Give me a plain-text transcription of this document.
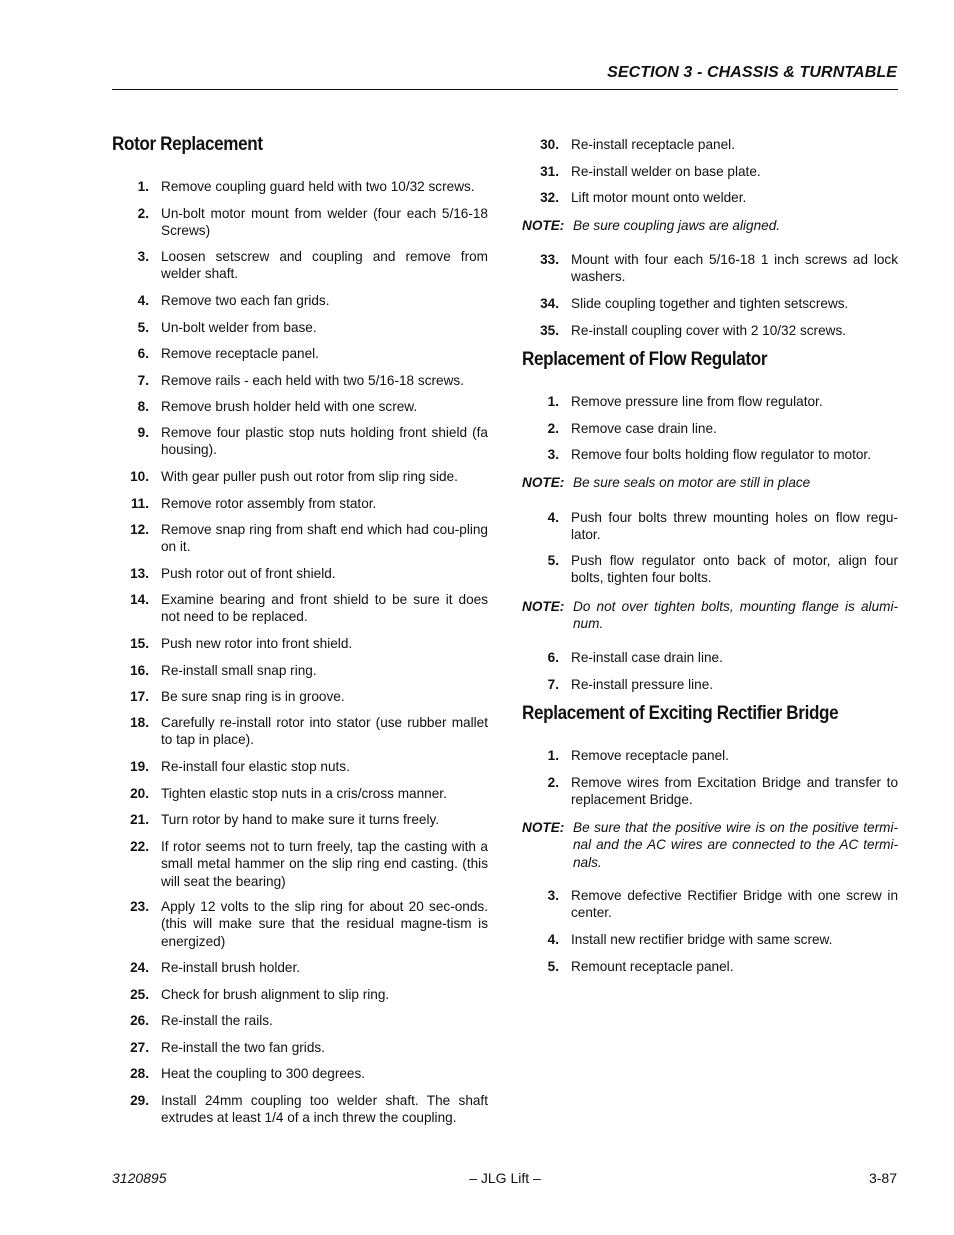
SECTION 3 - CHASSIS & TURNTABLE
Rotor Replacement
1. Remove coupling guard held with two 10/32 screws.
2. Un-bolt motor mount from welder (four each 5/16-18 Screws)
3. Loosen setscrew and coupling and remove from welder shaft.
4. Remove two each fan grids.
5. Un-bolt welder from base.
6. Remove receptacle panel.
7. Remove rails - each held with two 5/16-18 screws.
8. Remove brush holder held with one screw.
9. Remove four plastic stop nuts holding front shield (fa housing).
10. With gear puller push out rotor from slip ring side.
11. Remove rotor assembly from stator.
12. Remove snap ring from shaft end which had cou-pling on it.
13. Push rotor out of front shield.
14. Examine bearing and front shield to be sure it does not need to be replaced.
15. Push new rotor into front shield.
16. Re-install small snap ring.
17. Be sure snap ring is in groove.
18. Carefully re-install rotor into stator (use rubber mallet to tap in place).
19. Re-install four elastic stop nuts.
20. Tighten elastic stop nuts in a cris/cross manner.
21. Turn rotor by hand to make sure it turns freely.
22. If rotor seems not to turn freely, tap the casting with a small metal hammer on the slip ring end casting. (this will seat the bearing)
23. Apply 12 volts to the slip ring for about 20 sec-onds.(this will make sure that the residual magne-tism is energized)
24. Re-install brush holder.
25. Check for brush alignment to slip ring.
26. Re-install the rails.
27. Re-install the two fan grids.
28. Heat the coupling to 300 degrees.
29. Install 24mm coupling too welder shaft. The shaft extrudes at least 1/4 of a inch threw the coupling.
30. Re-install receptacle panel.
31. Re-install welder on base plate.
32. Lift motor mount onto welder.
NOTE: Be sure coupling jaws are aligned.
33. Mount with four each 5/16-18 1 inch screws ad lock washers.
34. Slide coupling together and tighten setscrews.
35. Re-install coupling cover with 2 10/32 screws.
Replacement of Flow Regulator
1. Remove pressure line from flow regulator.
2. Remove case drain line.
3. Remove four bolts holding flow regulator to motor.
NOTE: Be sure seals on motor are still in place
4. Push four bolts threw mounting holes on flow regu-lator.
5. Push flow regulator onto back of motor, align four bolts, tighten four bolts.
NOTE: Do not over tighten bolts, mounting flange is alumi-num.
6. Re-install case drain line.
7. Re-install pressure line.
Replacement of Exciting Rectifier Bridge
1. Remove receptacle panel.
2. Remove wires from Excitation Bridge and transfer to replacement Bridge.
NOTE: Be sure that the positive wire is on the positive termi-nal and the AC wires are connected to the AC termi-nals.
3. Remove defective Rectifier Bridge with one screw in center.
4. Install new rectifier bridge with same screw.
5. Remount receptacle panel.
3120895	– JLG Lift –	3-87
